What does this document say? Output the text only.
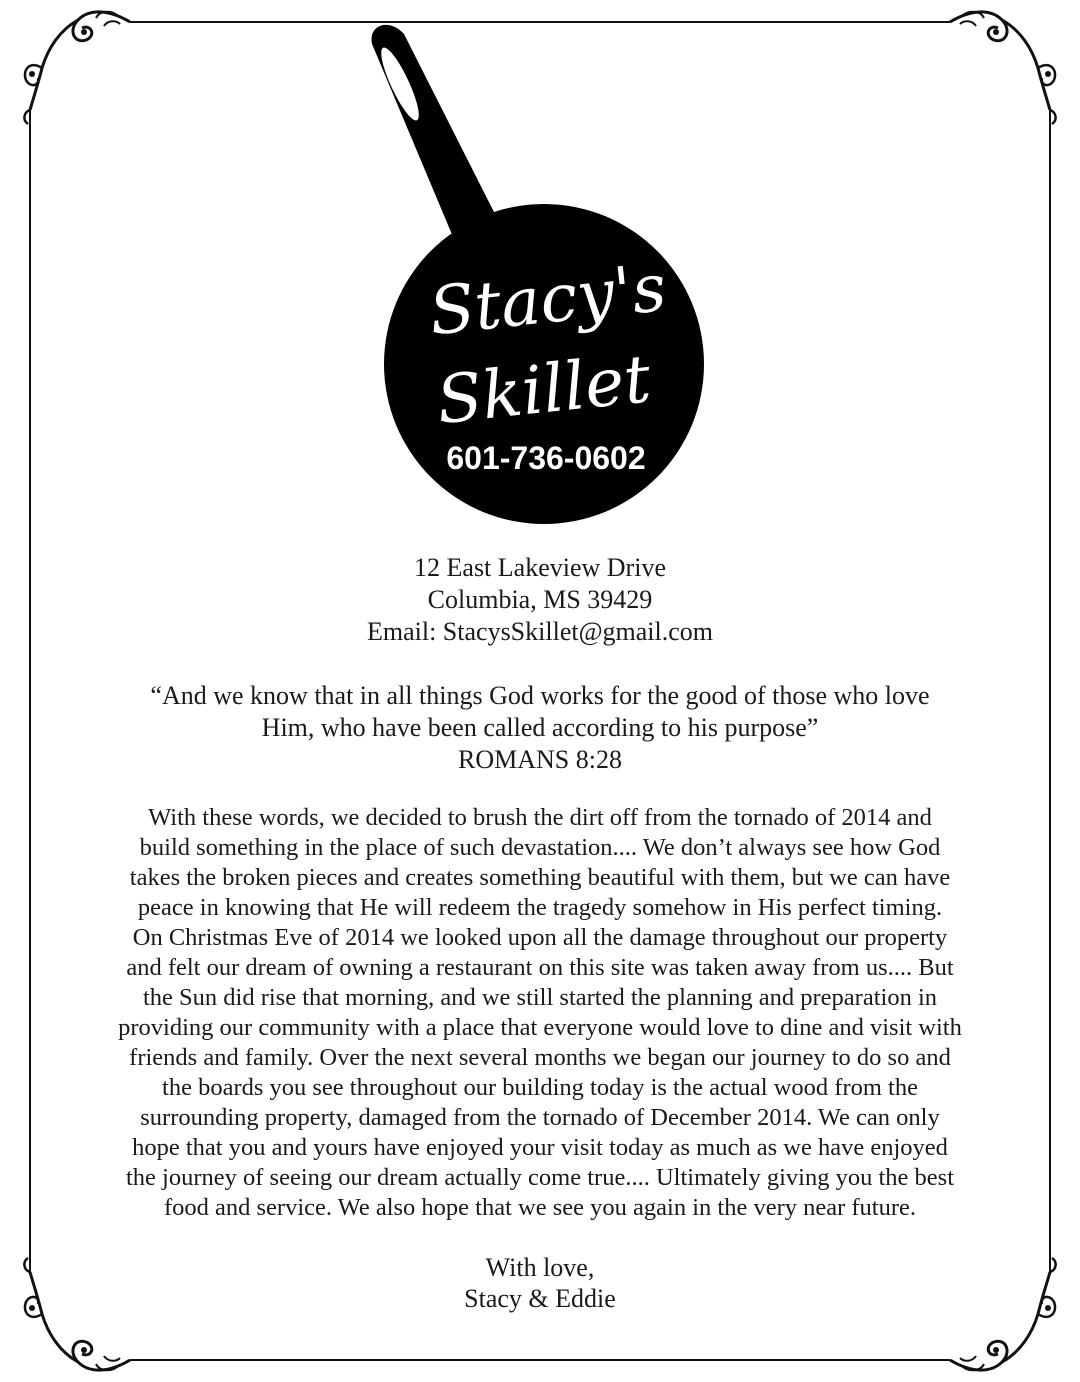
Stacy's
Skillet
601-736-0602
12 East Lakeview Drive
Columbia, MS 39429
Email: StacysSkillet@gmail.com
“And we know that in all things God works for the good of those who love
Him, who have been called according to his purpose”
ROMANS 8:28
With these words, we decided to brush the dirt off from the tornado of 2014 and
build something in the place of such devastation.... We don’t always see how God
takes the broken pieces and creates something beautiful with them, but we can have
peace in knowing that He will redeem the tragedy somehow in His perfect timing.
On Christmas Eve of 2014 we looked upon all the damage throughout our property
and felt our dream of owning a restaurant on this site was taken away from us.... But
the Sun did rise that morning, and we still started the planning and preparation in
providing our community with a place that everyone would love to dine and visit with
friends and family. Over the next several months we began our journey to do so and
the boards you see throughout our building today is the actual wood from the
surrounding property, damaged from the tornado of December 2014. We can only
hope that you and yours have enjoyed your visit today as much as we have enjoyed
the journey of seeing our dream actually come true.... Ultimately giving you the best
food and service. We also hope that we see you again in the very near future.
With love,
Stacy & Eddie
